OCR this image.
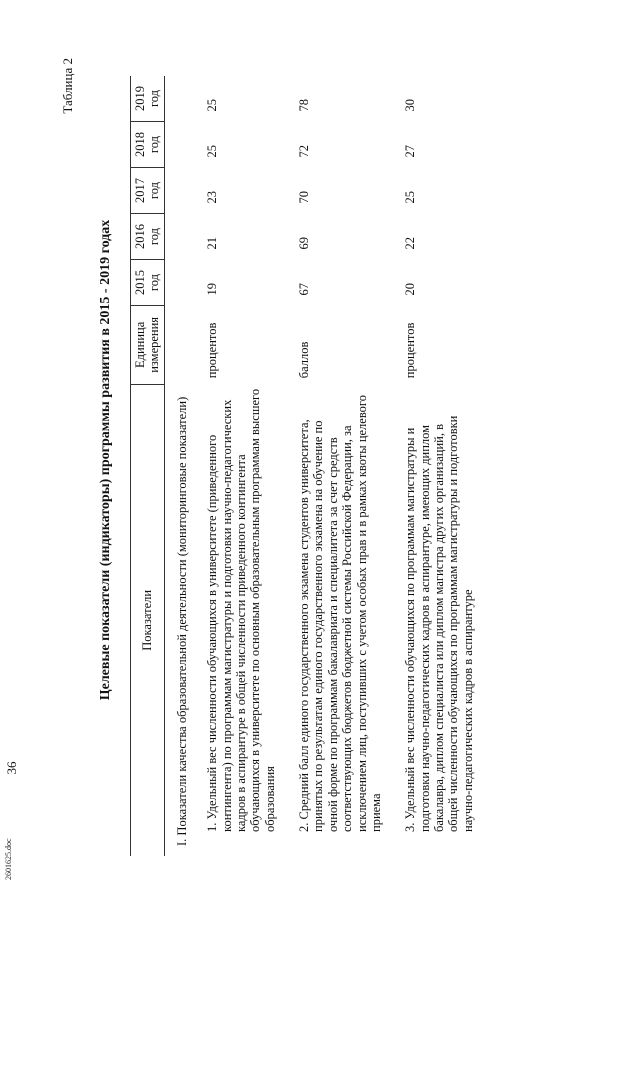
Таблица 2
Целевые показатели (индикаторы) программы развития в 2015 - 2019 годах Показатели	Единица измерения	2015 год	2016 год	2017 год	2018 год	2019 год
I. Показатели качества образовательной деятельности (мониторинговые показатели)						
1. Удельный вес численности обучающихся в университете (приведенного контингента) по программам магистратуры и подготовки научно-педагогических кадров в аспирантуре в общей численности приведенного контингента обучающихся в университете по основным образовательным программам высшего образования	процентов	19	21	23	25	25
2. Средний балл единого государственного экзамена студентов университета, принятых по результатам единого государственного экзамена на обучение по очной форме по программам бакалавриата и специалитета за счет средств соответствующих бюджетов бюджетной системы Российской Федерации, за исключением лиц, поступивших с учетом особых прав и в рамках квоты целевого приема	баллов	67	69	70	72	78
3. Удельный вес численности обучающихся по программам магистратуры и подготовки научно-педагогических кадров в аспирантуре, имеющих диплом бакалавра, диплом специалиста или диплом магистра других организаций, в общей численности обучающихся по программам магистратуры и подготовки научно-педагогических кадров в аспирантуре	процентов	20	22	25	27	30
36
2601625.doc
